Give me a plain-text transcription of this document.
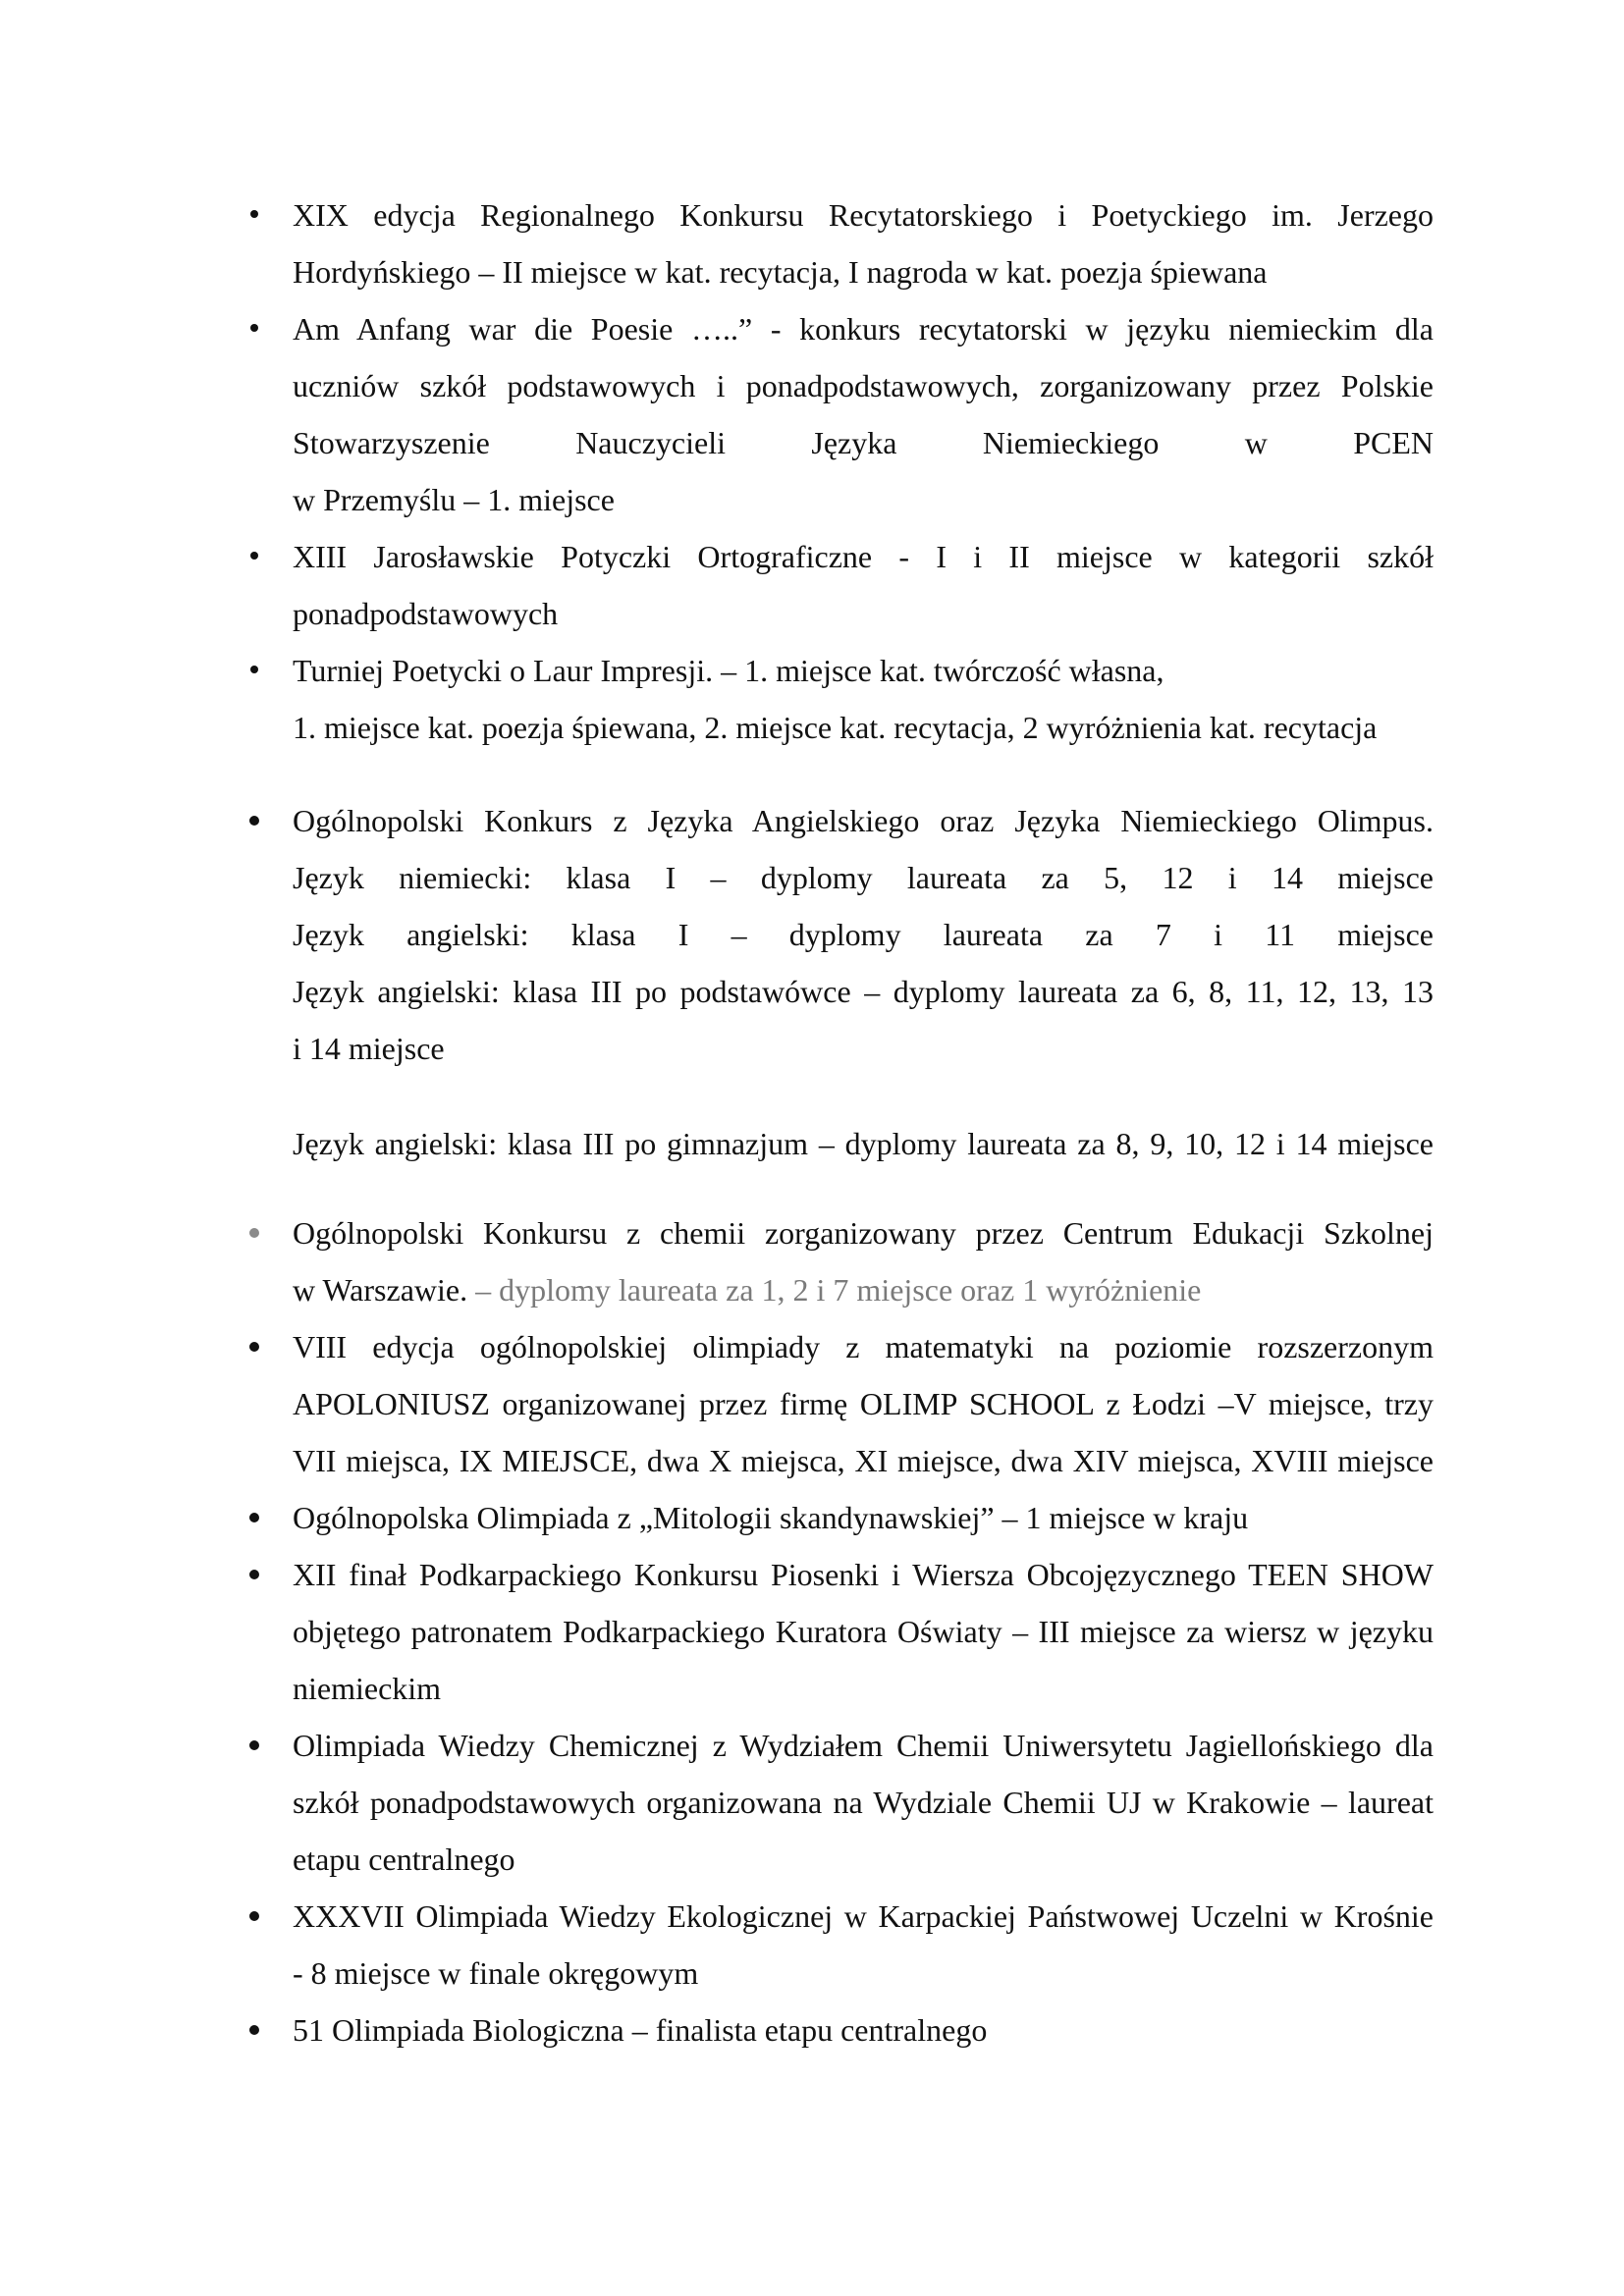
XIX edycja Regionalnego Konkursu Recytatorskiego i Poetyckiego im. Jerzego
Hordyńskiego – II miejsce w kat. recytacja, I nagroda w kat. poezja śpiewana
Am Anfang war die Poesie …..” - konkurs recytatorski w języku niemieckim dla
uczniów szkół podstawowych i ponadpodstawowych, zorganizowany przez Polskie
Stowarzyszenie Nauczycieli Języka Niemieckiego w PCEN
w Przemyślu – 1. miejsce
XIII Jarosławskie Potyczki Ortograficzne - I i II miejsce w kategorii szkół
ponadpodstawowych
Turniej Poetycki o Laur Impresji. – 1. miejsce kat. twórczość własna,
1. miejsce kat. poezja śpiewana, 2. miejsce kat. recytacja, 2 wyróżnienia kat. recytacja
Ogólnopolski Konkurs z Języka Angielskiego oraz Języka Niemieckiego Olimpus.
Język niemiecki: klasa I – dyplomy laureata za 5, 12 i 14 miejsce
Język angielski: klasa I – dyplomy laureata za 7 i 11 miejsce
Język angielski: klasa III po podstawówce – dyplomy laureata za 6, 8, 11, 12, 13, 13
i 14 miejsce
Język angielski: klasa III po gimnazjum – dyplomy laureata za 8, 9, 10, 12 i 14 miejsce
Ogólnopolski Konkursu z chemii zorganizowany przez Centrum Edukacji Szkolnej
w Warszawie. – dyplomy laureata za 1, 2 i 7 miejsce oraz 1 wyróżnienie
VIII edycja ogólnopolskiej olimpiady z matematyki na poziomie rozszerzonym
APOLONIUSZ organizowanej przez firmę OLIMP SCHOOL z Łodzi –V miejsce, trzy
VII miejsca, IX MIEJSCE, dwa X miejsca, XI miejsce, dwa XIV miejsca, XVIII miejsce
Ogólnopolska Olimpiada z „Mitologii skandynawskiej” – 1 miejsce w kraju
XII finał Podkarpackiego Konkursu Piosenki i Wiersza Obcojęzycznego TEEN SHOW
objętego patronatem Podkarpackiego Kuratora Oświaty – III miejsce za wiersz w języku
niemieckim
Olimpiada Wiedzy Chemicznej z Wydziałem Chemii Uniwersytetu Jagiellońskiego dla
szkół ponadpodstawowych organizowana na Wydziale Chemii UJ w Krakowie – laureat
etapu centralnego
XXXVII Olimpiada Wiedzy Ekologicznej w Karpackiej Państwowej Uczelni w Krośnie
- 8 miejsce w finale okręgowym
51 Olimpiada Biologiczna – finalista etapu centralnego
